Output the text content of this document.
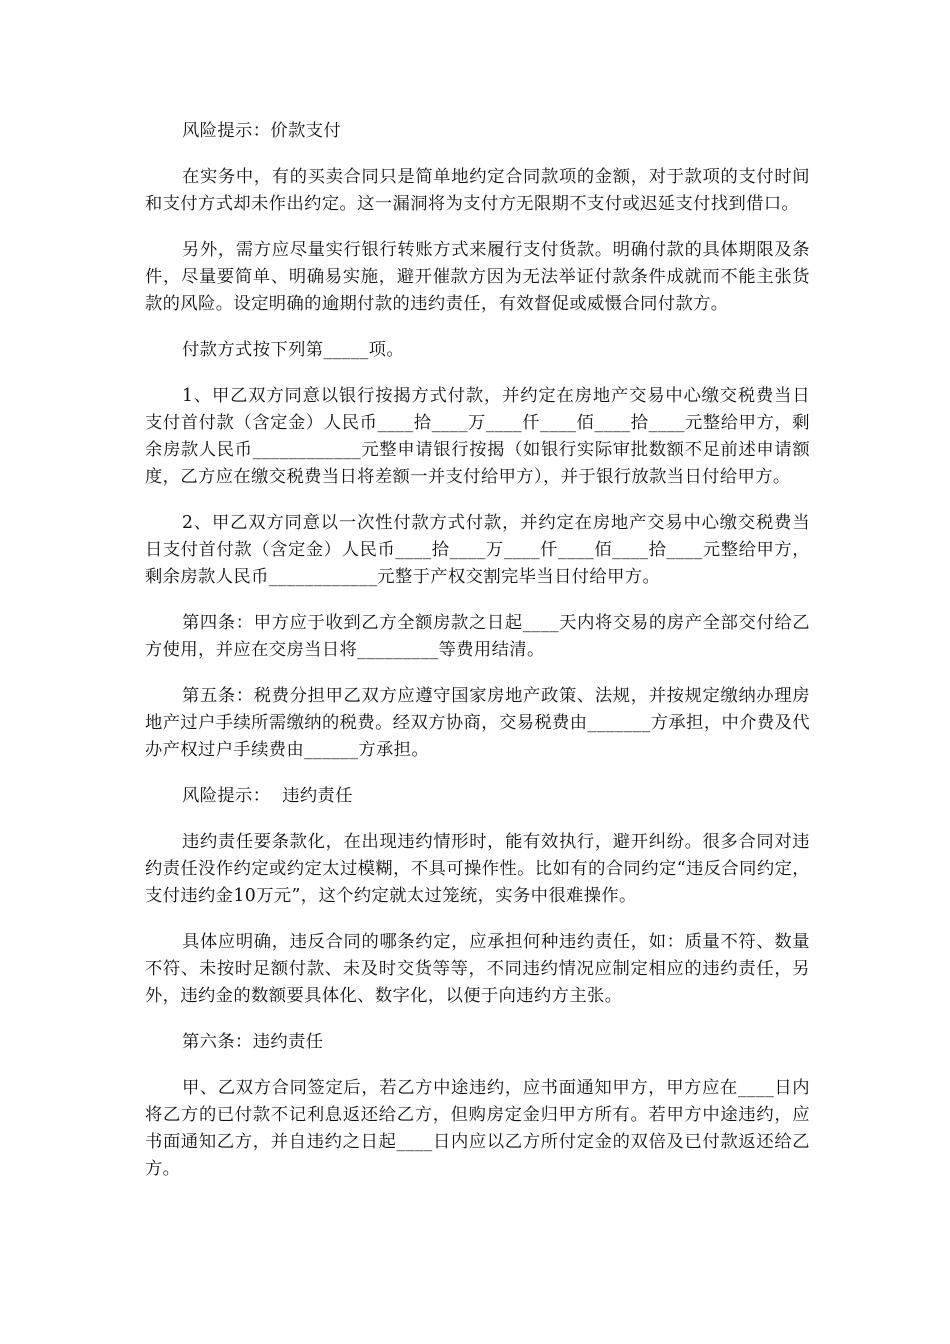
风险提示：价款支付

在实务中，有的买卖合同只是简单地约定合同款项的金额，对于款项的支付时间和支付方式却未作出约定。这一漏洞将为支付方无限期不支付或迟延支付找到借口。

另外，需方应尽量实行银行转账方式来履行支付货款。明确付款的具体期限及条件，尽量要简单、明确易实施，避开催款方因为无法举证付款条件成就而不能主张货款的风险。设定明确的逾期付款的违约责任，有效督促或威慑合同付款方。

付款方式按下列第_____项。

1、甲乙双方同意以银行按揭方式付款，并约定在房地产交易中心缴交税费当日支付首付款（含定金）人民币____拾____万____仟____佰____拾____元整给甲方，剩余房款人民币____________元整申请银行按揭（如银行实际审批数额不足前述申请额度，乙方应在缴交税费当日将差额一并支付给甲方），并于银行放款当日付给甲方。

2、甲乙双方同意以一次性付款方式付款，并约定在房地产交易中心缴交税费当日支付首付款（含定金）人民币____拾____万____仟____佰____拾____元整给甲方，剩余房款人民币____________元整于产权交割完毕当日付给甲方。

第四条：甲方应于收到乙方全额房款之日起____天内将交易的房产全部交付给乙方使用，并应在交房当日将_________等费用结清。

第五条：税费分担甲乙双方应遵守国家房地产政策、法规，并按规定缴纳办理房地产过户手续所需缴纳的税费。经双方协商，交易税费由_______方承担，中介费及代办产权过户手续费由______方承担。

风险提示：  违约责任

违约责任要条款化，在出现违约情形时，能有效执行，避开纠纷。很多合同对违约责任没作约定或约定太过模糊，不具可操作性。比如有的合同约定“违反合同约定，支付违约金10万元”，这个约定就太过笼统，实务中很难操作。

具体应明确，违反合同的哪条约定，应承担何种违约责任，如：质量不符、数量不符、未按时足额付款、未及时交货等等，不同违约情况应制定相应的违约责任，另外，违约金的数额要具体化、数字化，以便于向违约方主张。

第六条：违约责任

甲、乙双方合同签定后，若乙方中途违约，应书面通知甲方，甲方应在____日内将乙方的已付款不记利息返还给乙方，但购房定金归甲方所有。若甲方中途违约，应书面通知乙方，并自违约之日起____日内应以乙方所付定金的双倍及已付款返还给乙方。
